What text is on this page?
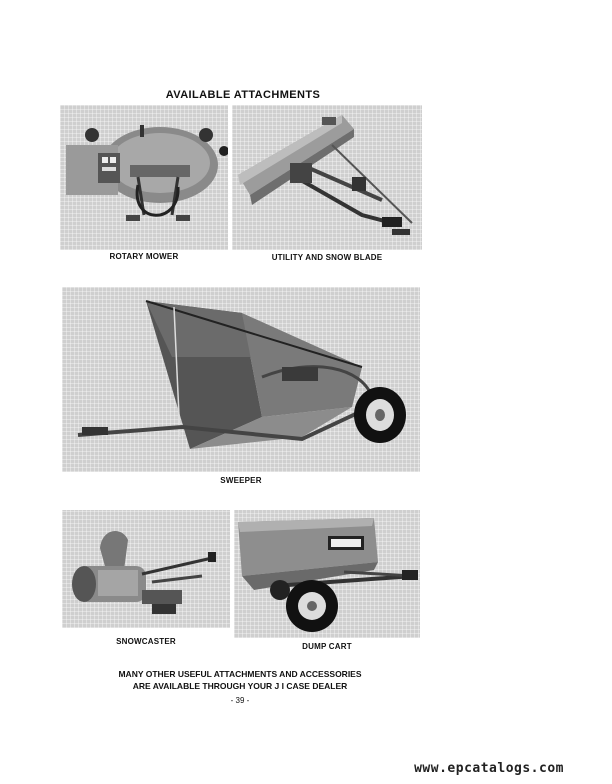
AVAILABLE ATTACHMENTS
ROTARY MOWER	UTILITY AND SNOW BLADE
SWEEPER
SNOWCASTER
DUMP CART
MANY OTHER USEFUL ATTACHMENTS AND ACCESSORIES
ARE AVAILABLE THROUGH YOUR J I CASE DEALER
- 39 -
www.epcatalogs.com
